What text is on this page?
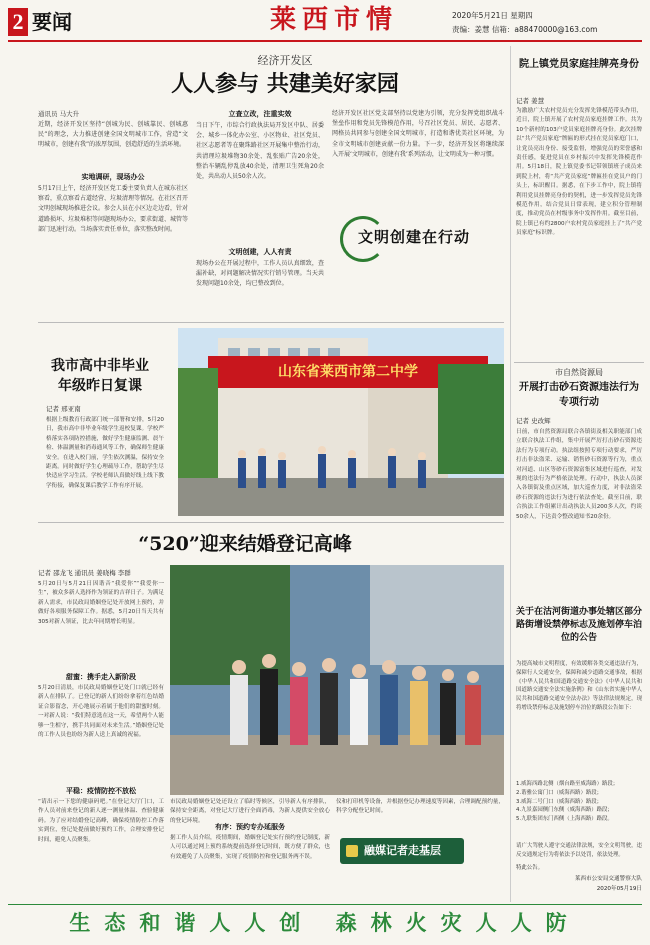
2 要闻	莱西市情	2020年5月21日 星期四
责编：姜慧 信箱：a88470000@163.com
经济开发区
人人参与 共建美好家园
通讯员 马大升
近期，经济开发区坚持“创城为民、创城靠民、创城惠民”的理念，大力推进创建全国文明城市工作，营造“文明城市，创建有我”的浓厚氛围，创造舒适的生活环境。
实地调研，现场办公
5月17日上午，经济开发区党工委主要负责人在城东社区察看，重点察看占道经营、垃圾清理等情况。在社区召开文明创城现场推进会议。参会人员在小区边走边看，针对道路损坏、垃圾堆积等问题现场办公，要求街道、城管等部门迅速行动。当场落实责任单位，落实整改时间。
立查立改，注重实效
当日下午，市综合行政执法局开发区中队、居委会、城乡一体化办公室、小区物业、社区党员、社区志愿者等在聚珠路社区开展集中整治行动，共清理垃圾堆物30余处、乱张贴广告20余处，整治车辆乱停乱放40余处，清理卫生死角20余处，共出动人员50余人次。
文明创建，人人有责
现场办公在开展过程中，工作人员认真细致，查漏补缺，对问题解决情况实行销号管理。当天共发现问题10余处，均已整改到位。
经济开发区社区党支部坚持以党建为引领，充分发挥党组织战斗堡垒作用和党员先锋模范作用，号召社区党员、居民、志愿者、网格员共同参与创建全国文明城市，打造和谐优美社区环境，为全市文明城市创建贡献一份力量。下一步，经济开发区将继续深入开展‘文明城市，创建有我’系列活动，让文明成为一种习惯。
文明创建在行动
我市高中非毕业年级昨日复课
记者 邢亚南
根据上级教育行政部门统一部署和安排，5月20日，我市高中非毕业年级学生返校复课。学校严格落实各项防控措施，做好学生健康监测、晨午检、体温测量和消毒通风等工作，确保师生健康安全。在进入校门前，学生依次测温，保持安全距离。同时做好学生心理疏导工作，帮助学生尽快适应学习生活。学校老师认真做好线上线下教学衔接，确保复课后教学工作有序开展。
山东省莱西市第二中学
院上镇党员家庭挂牌亮身份
记者 姜慧
为激励广大农村党员充分发挥先锋模范带头作用，近日，院上镇开展了农村党员家庭挂牌工作。共为10个新村的103户党员家庭挂牌亮身份。此次挂牌以“共产党员家庭”牌匾的形式挂在党员家庭门口，让党员亮出身份、接受监督，增强党员的荣誉感和责任感，促进党员在乡村振兴中发挥先锋模范作用。5月18日，院上镇党委书记带领镇班子成员来到院上村，将“共产党员家庭”牌匾挂在党员户的门头上，标识醒目。据悉，在下步工作中，院上镇将利用党员挂牌亮身份的契机，进一步发挥党员先锋模范作用，结合党员日常表现，建立积分管理制度，推动党员在村级事务中发挥作用。截至目前，院上镇已有约2800户农村党员家庭挂上了“共产党员家庭”标识牌。
市自然资源局
开展打击砂石资源违法行为专项行动
记者 史改辉
日前，市自然资源局联合各镇街及相关职能部门成立联合执法工作组，集中开展严厉打击砂石资源违法行为专项行动。执法组按照专项行动要求，严厉打击非法盗采、运输、销售砂石资源等行为，重点对河道、山区等砂石资源富集区域进行巡查，对发现的违法行为严格依法处理。行动中，执法人员深入各镇街及重点区域，加大巡查力度，对非法盗采砂石资源的违法行为进行依法查处。截至目前，联合执法工作组累计出动执法人员200多人次，约谈50余人，下达责令整改通知书20余份。
“520”迎来结婚登记高峰
记者 邵龙飞 通讯员 姜晓梅 李群
5月20日与5月21日因谐音“我爱你”“我爱你一生”，被众多新人选择作为领证的吉祥日子。为满足新人需求，市民政局婚姻登记处开放网上预约，并做好各项服务保障工作。据悉，5月20日当天共有305对新人领证，比去年同期增长明显。
甜蜜：携手走入新阶段
5月20日清晨，市民政局婚姻登记处门口就已经有新人在排队了。已登记的新人们纷纷拿着红色结婚证合影留念，开心地展示着属于他们的甜蜜时刻。一对新人说：“我们特意选在这一天，希望两个人能够一生相守，携手共同面对未来生活。”婚姻登记处的工作人员也纷纷为新人送上真诚的祝福。
平稳：疫情防控不放松
“请出示一下您的健康码吧。”在登记大厅门口，工作人员对前来登记的新人逐一测量体温、查验健康码。为了应对结婚登记高峰，确保疫情防控工作落实到位，登记处提前做好预约工作，合理安排登记时间，避免人员聚集。
市民政局婚姻登记处还设立了临时等候区，引导新人有序排队，保持安全距离，对登记大厅进行全面消毒，为新人提供安全放心的登记环境。
有序：预约专办延服务
据工作人员介绍，疫情期间，婚姻登记处实行预约登记制度，新人可以通过网上预约系统提前选择登记时间，既方便了群众，也有效避免了人员聚集，实现了疫情防控和登记服务两不误。
仪和打印机等设备，并根据登记办理速度等因素，合理调配预约量，科学分配登记时间。
融媒记者走基层
关于在沽河街道办事处辖区部分路街增设禁停标志及施划停车泊位的公告
为提高城市文明程度，有效缓解各类交通违法行为，保障行人交通安全，保障和减少道路交通事故，根据《中华人民共和国道路交通安全法》《中华人民共和国道路交通安全法实施条例》和《山东省实施中华人民共和国道路交通安全法办法》等法律法规规定，现将增设禁停标志及施划停车泊位的路段公告如下：
1.威海西路北侧（烟台路至威海路）路段；
2.谐雅公寓门口（威海西路）路段；
3.威海二号门口（威海西路）路段；
4.九景嘉园侧门东侧（威海西路）路段；
5.九联集团东门西侧（上海西路）路段。
请广大驾驶人遵守交通法律法规，安全文明驾驶，违反交通规定行为将依法予以处罚，依法处理。
特此公告。
莱西市公安局交通警察大队
2020年05月19日
生态和谐人人创 森林火灾人人防
